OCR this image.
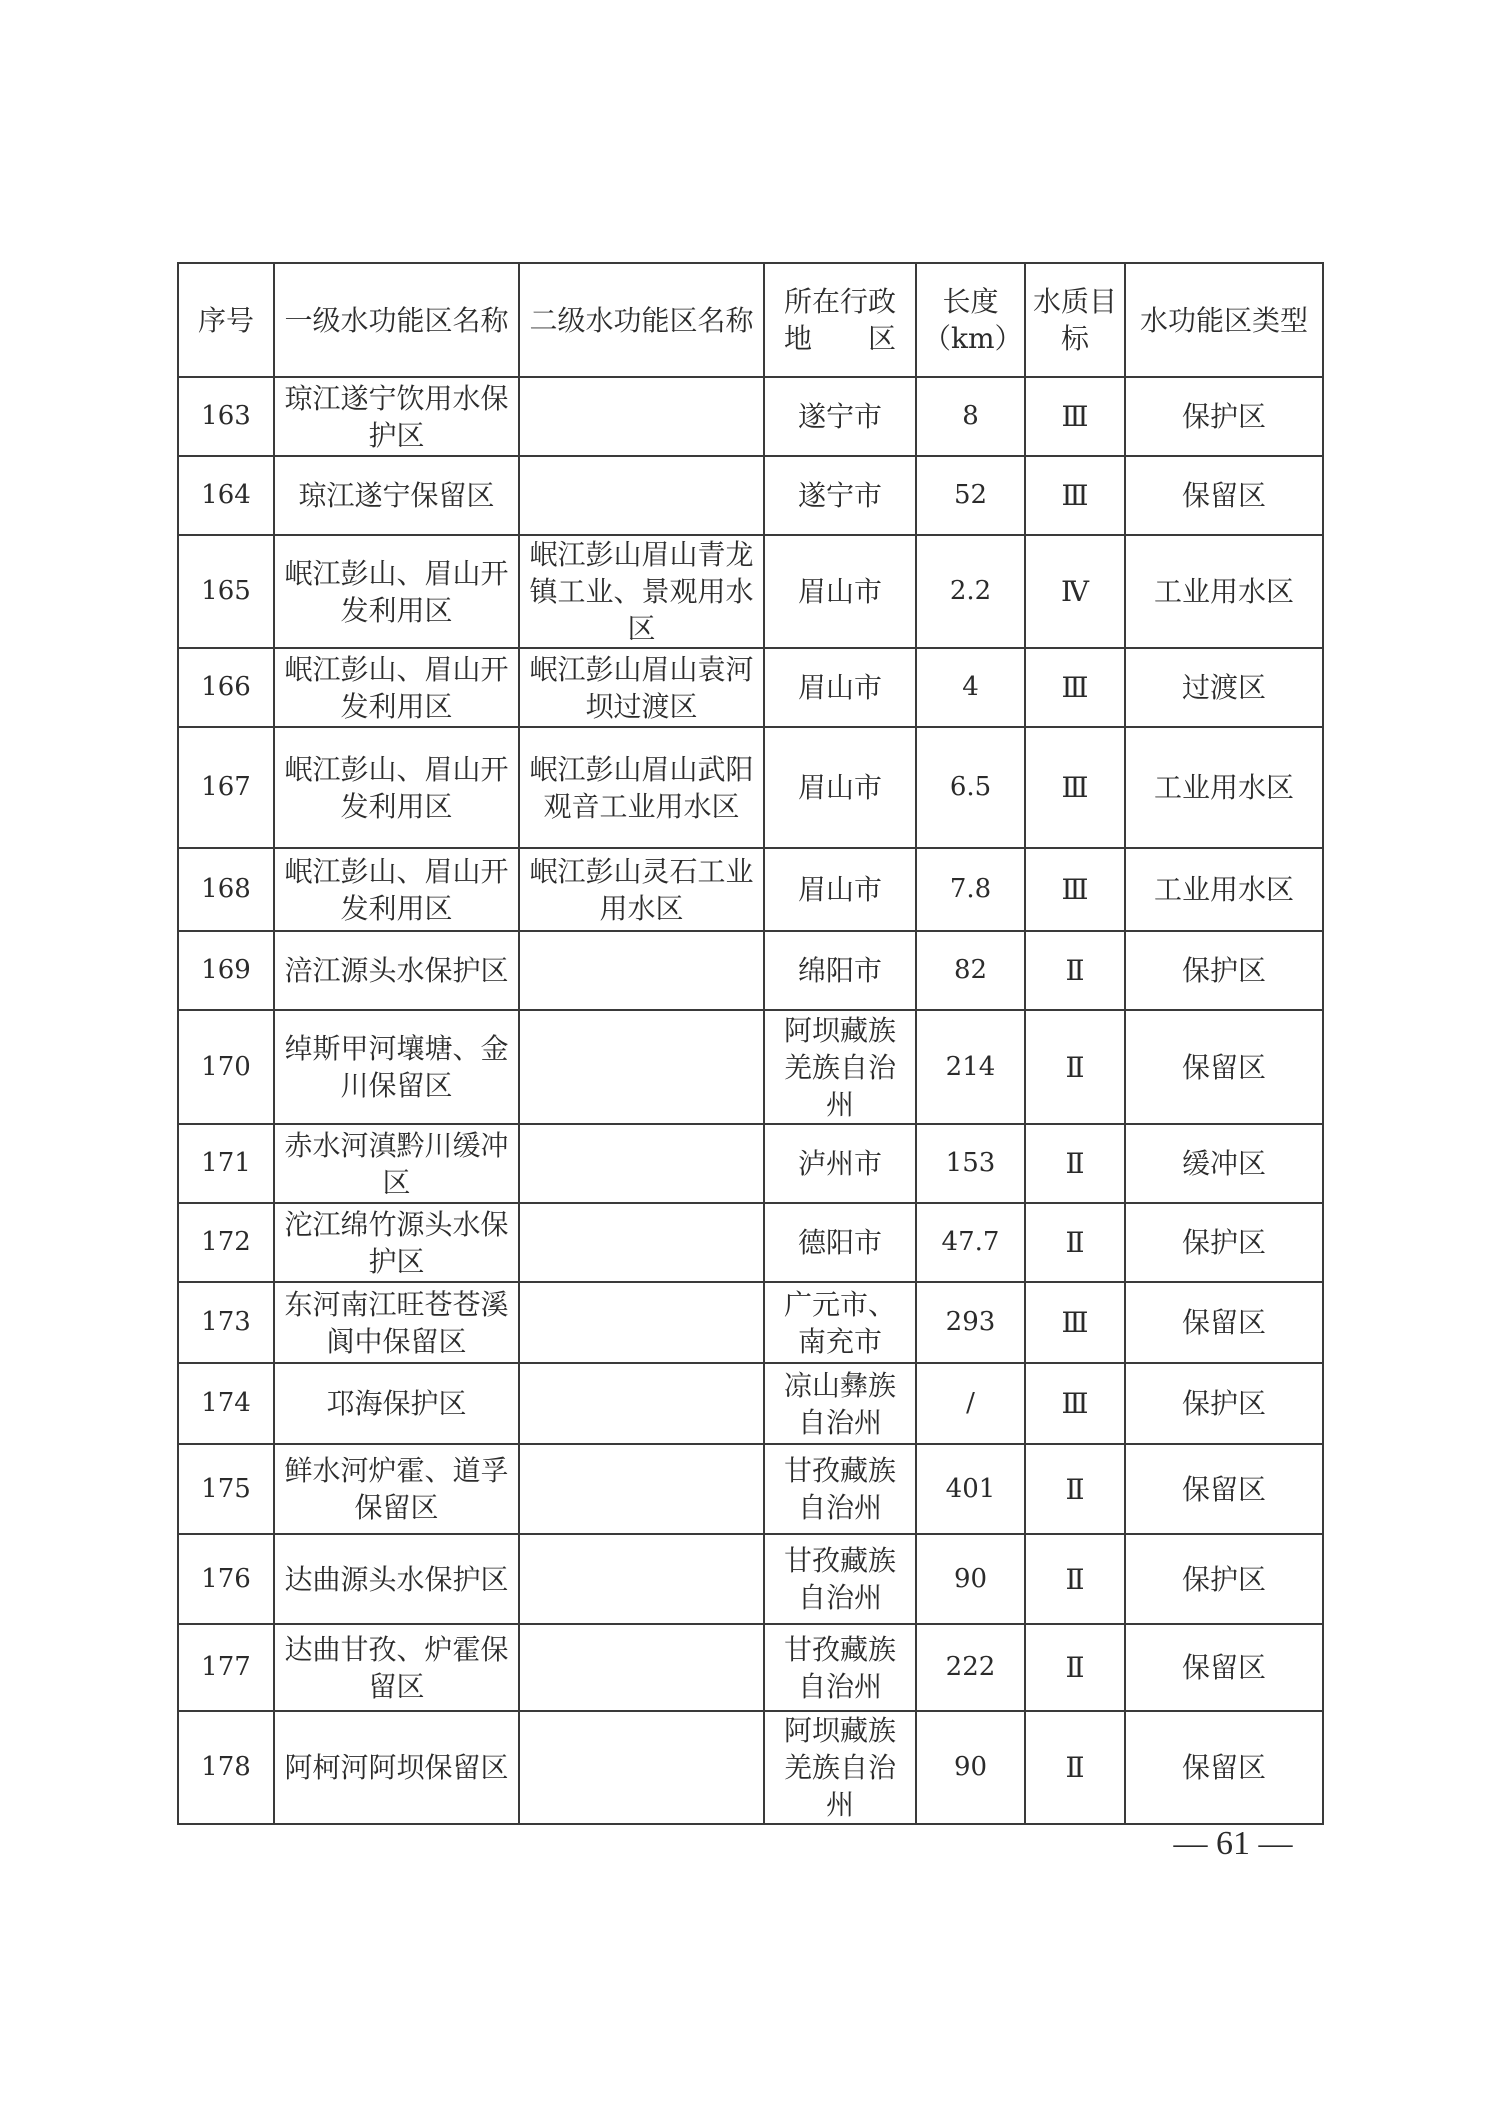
序号	一级水功能区名称	二级水功能区名称	所在行政地　　区	长度（km）	水质目标	水功能区类型
163	琼江遂宁饮用水保护区		遂宁市	8	Ⅲ	保护区
164	琼江遂宁保留区		遂宁市	52	Ⅲ	保留区
165	岷江彭山、眉山开发利用区	岷江彭山眉山青龙镇工业、景观用水区	眉山市	2.2	Ⅳ	工业用水区
166	岷江彭山、眉山开发利用区	岷江彭山眉山袁河坝过渡区	眉山市	4	Ⅲ	过渡区
167	岷江彭山、眉山开发利用区	岷江彭山眉山武阳观音工业用水区	眉山市	6.5	Ⅲ	工业用水区
168	岷江彭山、眉山开发利用区	岷江彭山灵石工业用水区	眉山市	7.8	Ⅲ	工业用水区
169	涪江源头水保护区		绵阳市	82	Ⅱ	保护区
170	绰斯甲河壤塘、金川保留区		阿坝藏族羌族自治州	214	Ⅱ	保留区
171	赤水河滇黔川缓冲区		泸州市	153	Ⅱ	缓冲区
172	沱江绵竹源头水保护区		德阳市	47.7	Ⅱ	保护区
173	东河南江旺苍苍溪阆中保留区		广元市、南充市	293	Ⅲ	保留区
174	邛海保护区		凉山彝族自治州	/	Ⅲ	保护区
175	鲜水河炉霍、道孚保留区		甘孜藏族自治州	401	Ⅱ	保留区
176	达曲源头水保护区		甘孜藏族自治州	90	Ⅱ	保护区
177	达曲甘孜、炉霍保留区		甘孜藏族自治州	222	Ⅱ	保留区
178	阿柯河阿坝保留区		阿坝藏族羌族自治州	90	Ⅱ	保留区
— 61 —
